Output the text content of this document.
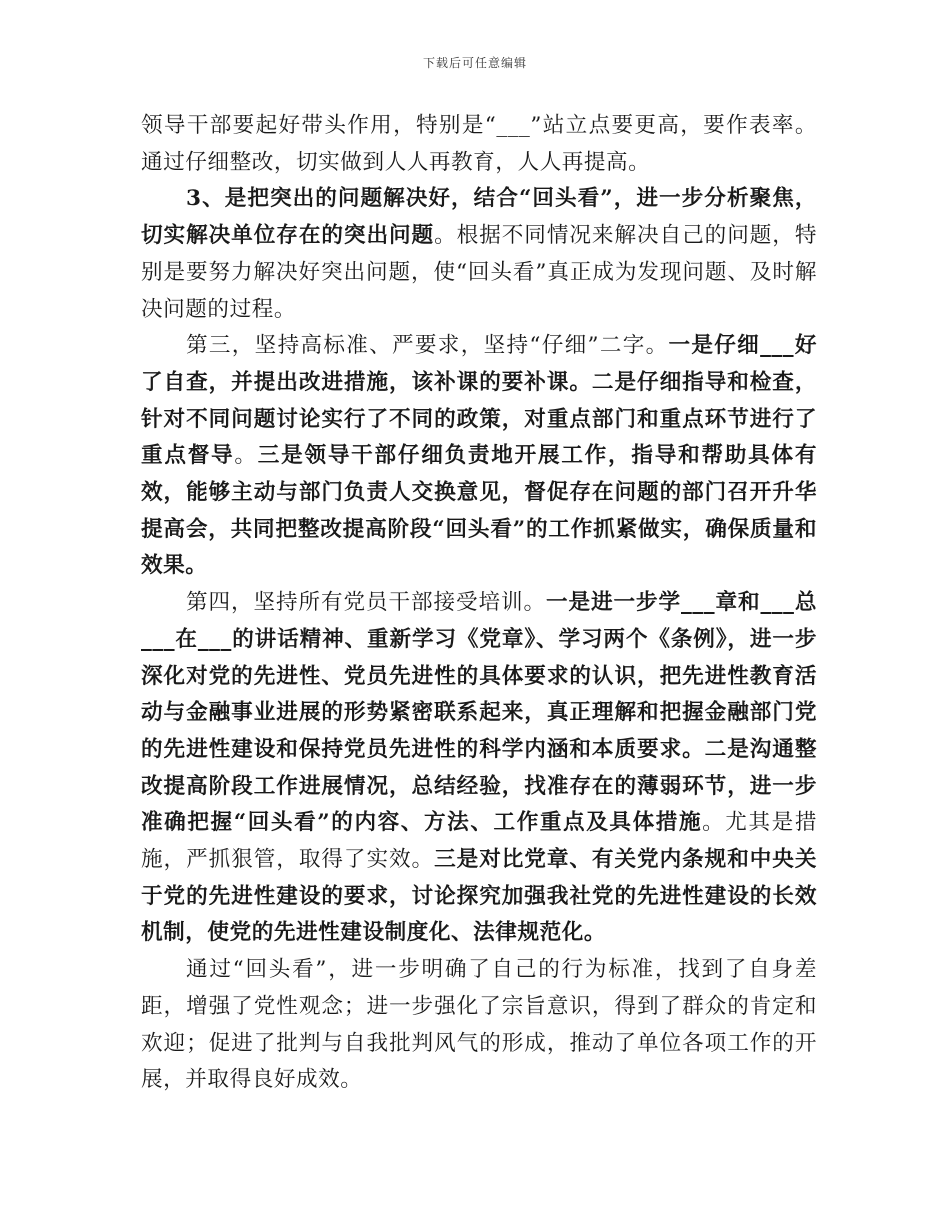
下载后可任意编辑

领导干部要起好带头作用，特别是“___”站立点要更高，要作表率。通过仔细整改，切实做到人人再教育，人人再提高。

3、是把突出的问题解决好，结合“回头看”，进一步分析聚焦，切实解决单位存在的突出问题。根据不同情况来解决自己的问题，特别是要努力解决好突出问题，使“回头看”真正成为发现问题、及时解决问题的过程。

第三，坚持高标准、严要求，坚持“仔细”二字。一是仔细___好了自查，并提出改进措施，该补课的要补课。二是仔细指导和检查，针对不同问题讨论实行了不同的政策，对重点部门和重点环节进行了重点督导。三是领导干部仔细负责地开展工作，指导和帮助具体有效，能够主动与部门负责人交换意见，督促存在问题的部门召开升华提高会，共同把整改提高阶段“回头看”的工作抓紧做实，确保质量和效果。

第四，坚持所有党员干部接受培训。一是进一步学___章和___总___在___的讲话精神、重新学习《党章》、学习两个《条例》，进一步深化对党的先进性、党员先进性的具体要求的认识，把先进性教育活动与金融事业进展的形势紧密联系起来，真正理解和把握金融部门党的先进性建设和保持党员先进性的科学内涵和本质要求。二是沟通整改提高阶段工作进展情况，总结经验，找准存在的薄弱环节，进一步准确把握“回头看”的内容、方法、工作重点及具体措施。尤其是措施，严抓狠管，取得了实效。三是对比党章、有关党内条规和中央关于党的先进性建设的要求，讨论探究加强我社党的先进性建设的长效机制，使党的先进性建设制度化、法律规范化。

通过“回头看”，进一步明确了自己的行为标准，找到了自身差距，增强了党性观念；进一步强化了宗旨意识，得到了群众的肯定和欢迎；促进了批判与自我批判风气的形成，推动了单位各项工作的开展，并取得良好成效。
